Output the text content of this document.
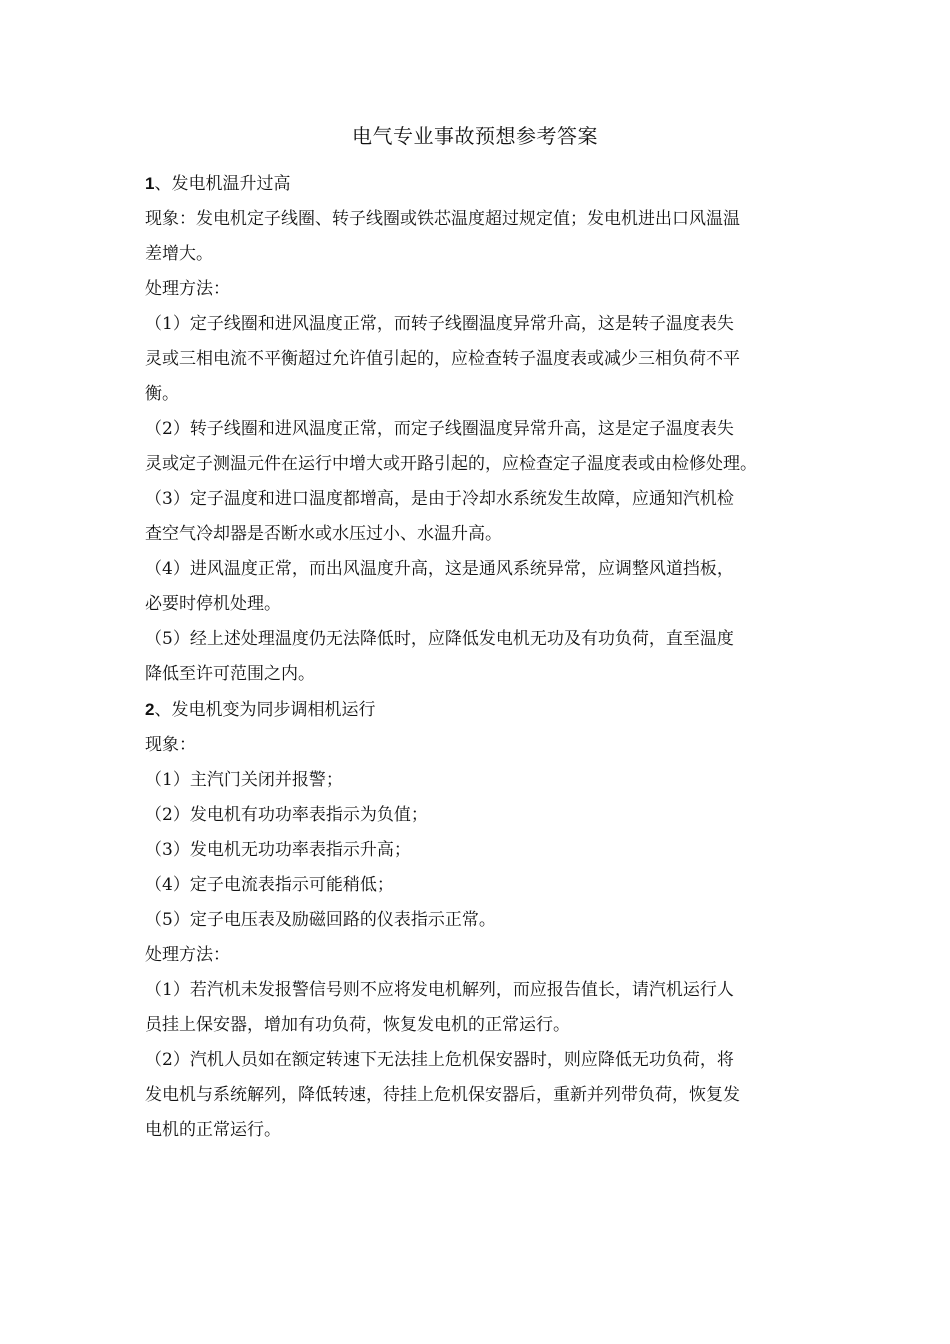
电气专业事故预想参考答案

1、发电机温升过高

现象：发电机定子线圈、转子线圈或铁芯温度超过规定值；发电机进出口风温温

差增大。

处理方法：

（1）定子线圈和进风温度正常，而转子线圈温度异常升高，这是转子温度表失

灵或三相电流不平衡超过允许值引起的，应检查转子温度表或减少三相负荷不平

衡。

（2）转子线圈和进风温度正常，而定子线圈温度异常升高，这是定子温度表失

灵或定子测温元件在运行中增大或开路引起的，应检查定子温度表或由检修处理。

（3）定子温度和进口温度都增高，是由于冷却水系统发生故障，应通知汽机检

查空气冷却器是否断水或水压过小、水温升高。

（4）进风温度正常，而出风温度升高，这是通风系统异常，应调整风道挡板，

必要时停机处理。

（5）经上述处理温度仍无法降低时，应降低发电机无功及有功负荷，直至温度

降低至许可范围之内。

2、发电机变为同步调相机运行

现象：

（1）主汽门关闭并报警；

（2）发电机有功功率表指示为负值；

（3）发电机无功功率表指示升高；

（4）定子电流表指示可能稍低；

（5）定子电压表及励磁回路的仪表指示正常。

处理方法：

（1）若汽机未发报警信号则不应将发电机解列，而应报告值长，请汽机运行人

员挂上保安器，增加有功负荷，恢复发电机的正常运行。

（2）汽机人员如在额定转速下无法挂上危机保安器时，则应降低无功负荷，将

发电机与系统解列，降低转速，待挂上危机保安器后，重新并列带负荷，恢复发

电机的正常运行。
